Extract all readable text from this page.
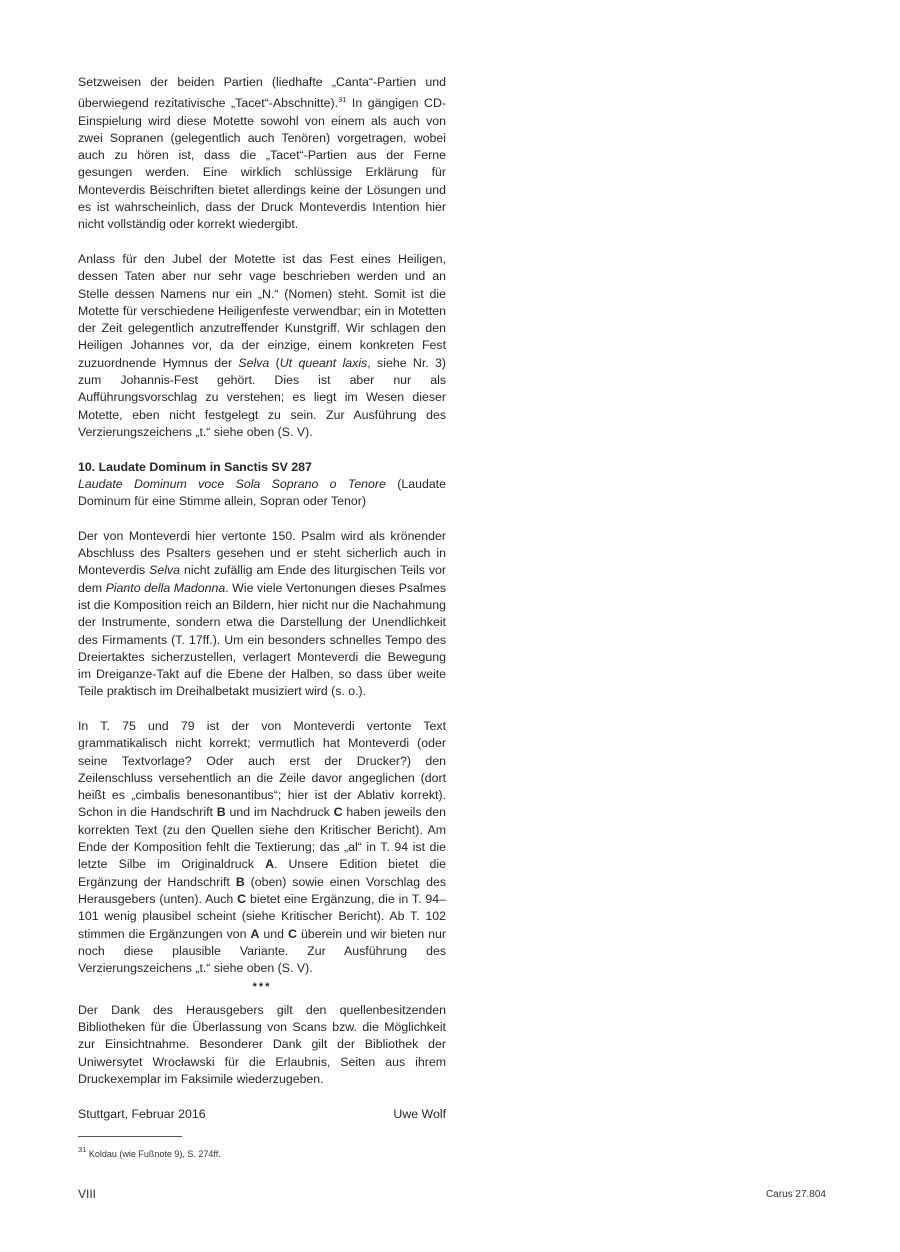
Setzweisen der beiden Partien (liedhafte „Canta“-Partien und überwiegend rezitativische „Tacet“-Abschnitte).$^{31}$ In gängigen CD-Einspielung wird diese Motette sowohl von einem als auch von zwei Sopranen (gelegentlich auch Tenören) vorgetragen, wobei auch zu hören ist, dass die „Tacet“-Partien aus der Ferne gesungen werden. Eine wirklich schlüssige Erklärung für Monteverdis Beischriften bietet allerdings keine der Lösungen und es ist wahrscheinlich, dass der Druck Monteverdis Intention hier nicht vollständig oder korrekt wiedergibt.

Anlass für den Jubel der Motette ist das Fest eines Heiligen, dessen Taten aber nur sehr vage beschrieben werden und an Stelle dessen Namens nur ein „N.“ (Nomen) steht. Somit ist die Motette für verschiedene Heiligenfeste verwendbar; ein in Motetten der Zeit gelegentlich anzutreffender Kunstgriff. Wir schlagen den Heiligen Johannes vor, da der einzige, einem konkreten Fest zuzuordnende Hymnus der Selva (Ut queant laxis, siehe Nr. 3) zum Johannis-Fest gehört. Dies ist aber nur als Aufführungsvorschlag zu verstehen; es liegt im Wesen dieser Motette, eben nicht festgelegt zu sein. Zur Ausführung des Verzierungszeichens „t.“ siehe oben (S. V).

10. Laudate Dominum in Sanctis SV 287

Laudate Dominum voce Sola Soprano o Tenore (Laudate Dominum für eine Stimme allein, Sopran oder Tenor)

Der von Monteverdi hier vertonte 150. Psalm wird als krönender Abschluss des Psalters gesehen und er steht sicherlich auch in Monteverdis Selva nicht zufällig am Ende des liturgischen Teils vor dem Pianto della Madonna. Wie viele Vertonungen dieses Psalmes ist die Komposition reich an Bildern, hier nicht nur die Nachahmung der Instrumente, sondern etwa die Darstellung der Unendlichkeit des Firmaments (T. 17ff.). Um ein besonders schnelles Tempo des Dreiertaktes sicherzustellen, verlagert Monteverdi die Bewegung im Dreiganze-Takt auf die Ebene der Halben, so dass über weite Teile praktisch im Dreihalbetakt musiziert wird (s. o.).

In T. 75 und 79 ist der von Monteverdi vertonte Text grammatikalisch nicht korrekt; vermutlich hat Monteverdi (oder seine Textvorlage? Oder auch erst der Drucker?) den Zeilenschluss versehentlich an die Zeile davor angeglichen (dort heißt es „cimbalis benesonantibus“; hier ist der Ablativ korrekt). Schon in die Handschrift B und im Nachdruck C haben jeweils den korrekten Text (zu den Quellen siehe den Kritischer Bericht). Am Ende der Komposition fehlt die Textierung; das „al“ in T. 94 ist die letzte Silbe im Originaldruck A. Unsere Edition bietet die Ergänzung der Handschrift B (oben) sowie einen Vorschlag des Herausgebers (unten). Auch C bietet eine Ergänzung, die in T. 94–101 wenig plausibel scheint (siehe Kritischer Bericht). Ab T. 102 stimmen die Ergänzungen von A und C überein und wir bieten nur noch diese plausible Variante. Zur Ausführung des Verzierungszeichens „t.“ siehe oben (S. V).

***

Der Dank des Herausgebers gilt den quellenbesitzenden Bibliotheken für die Überlassung von Scans bzw. die Möglichkeit zur Einsichtnahme. Besonderer Dank gilt der Bibliothek der Uniwersytet Wrocławski für die Erlaubnis, Seiten aus ihrem Druckexemplar im Faksimile wiederzugeben.

Stuttgart, Februar 2016	Uwe Wolf
$^{31}$ Koldau (wie Fußnote 9), S. 274ff.
VIII	Carus 27.804
